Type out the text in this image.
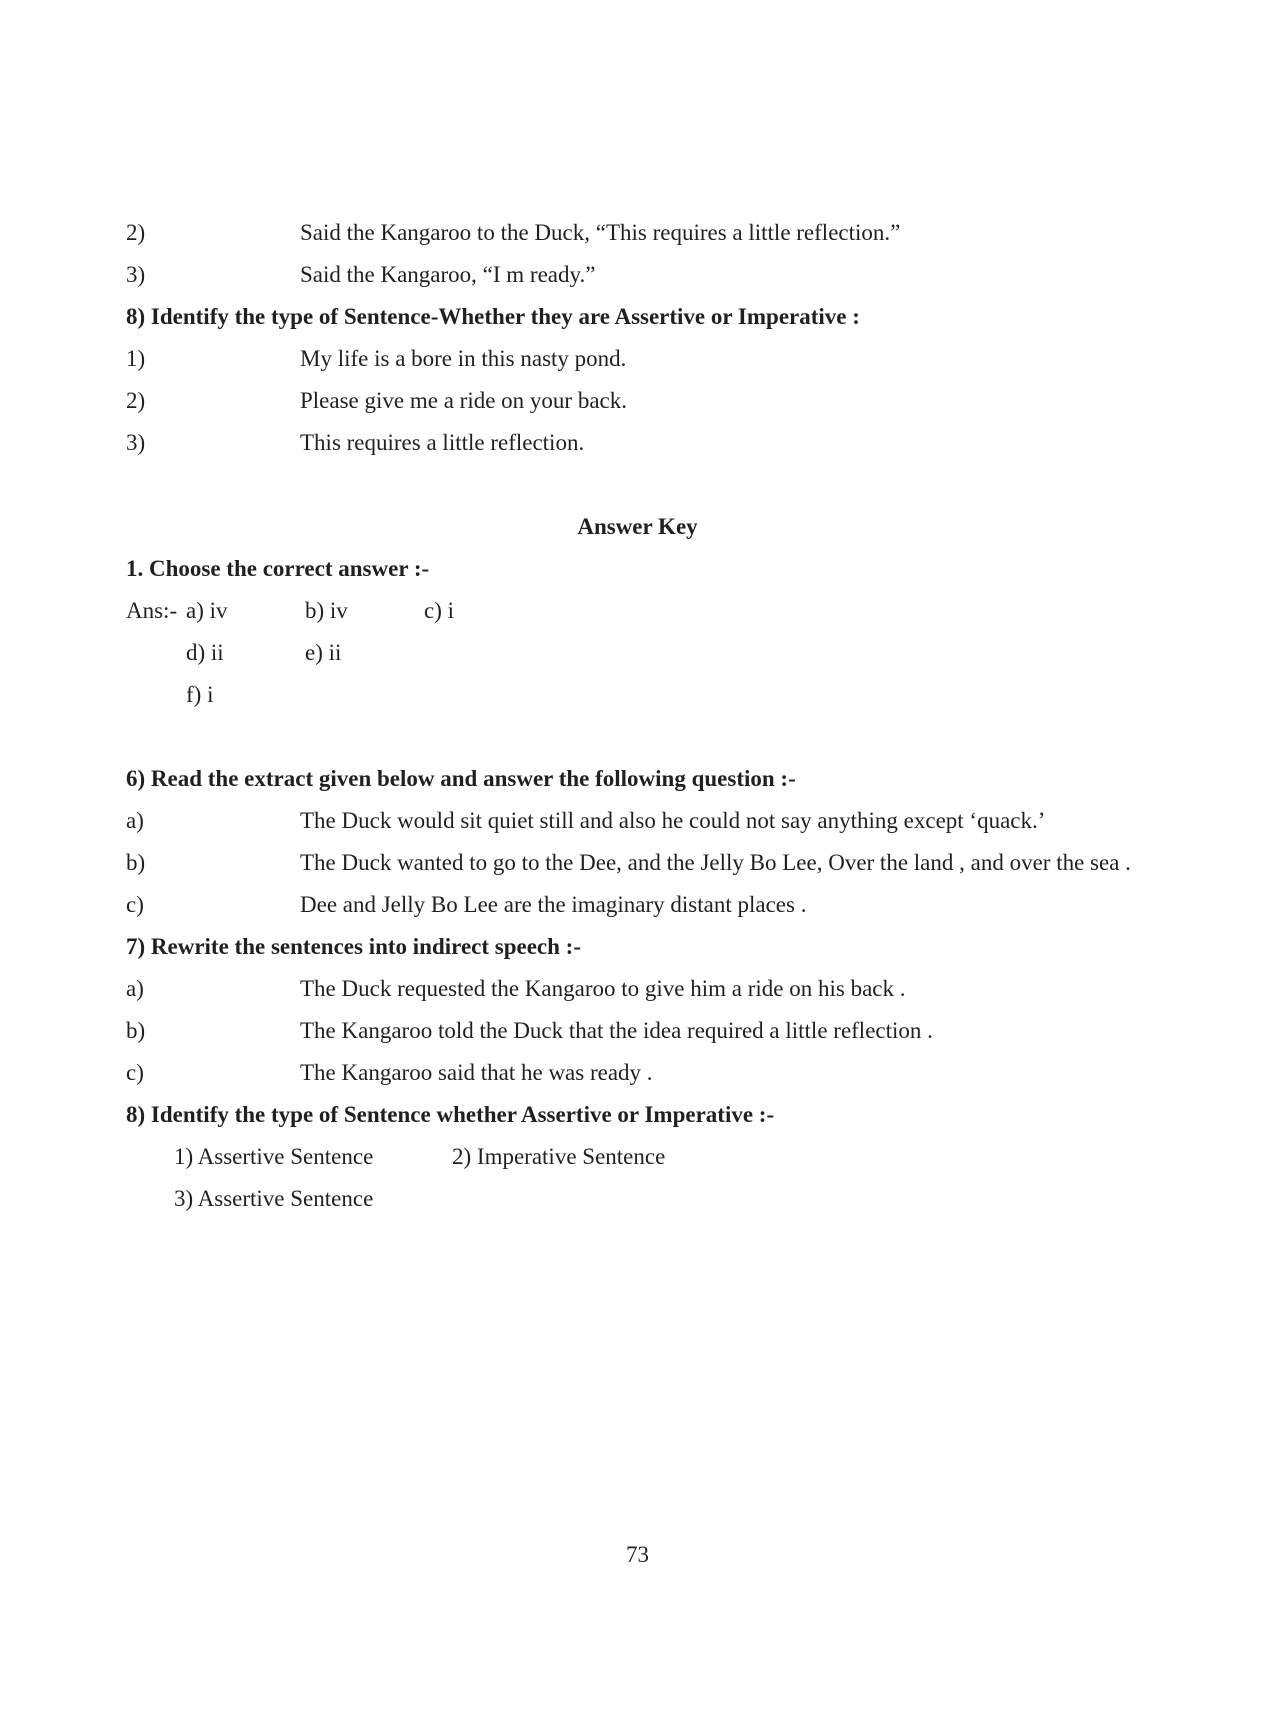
2)	Said the Kangaroo to the Duck, “This requires a little reflection.”
3)	Said the Kangaroo, “I m ready.”
8) Identify the type of Sentence-Whether they are Assertive or Imperative :
1)	My life is a bore in this nasty pond.
2)	Please give me a ride on your back.
3)	This requires a little reflection.
Answer Key
1. Choose the correct answer :-
Ans:- a) iv	b) iv	c) i
d) ii	e) ii
f) i
6) Read the extract given below and answer the following question :-
a)	The Duck would sit quiet still and also he could not say anything except ‘quack.’
b)	The Duck wanted to go to the Dee, and the Jelly Bo Lee, Over the land , and over the sea .
c)	Dee and Jelly Bo Lee are the imaginary distant places .
7) Rewrite the sentences into indirect speech :-
a)	The Duck requested the Kangaroo to give him a ride on his back .
b)	The Kangaroo told the Duck that the idea required a little reflection .
c)	The Kangaroo said that he was ready .
8) Identify the type of Sentence whether Assertive or Imperative :-
1) Assertive Sentence	2) Imperative Sentence
3) Assertive Sentence
73
